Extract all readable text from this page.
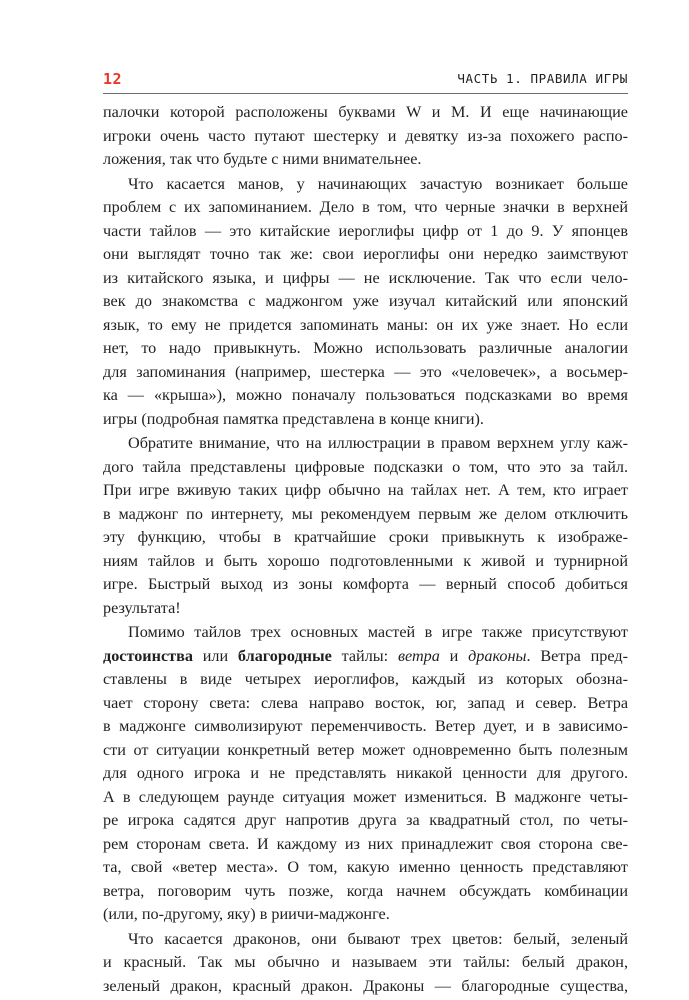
12	ЧАСТЬ 1. ПРАВИЛА ИГРЫ
палочки которой расположены буквами W и M. И еще начинающие
игроки очень часто путают шестерку и девятку из-за похожего распо-
ложения, так что будьте с ними внимательнее.
Что касается манов, у начинающих зачастую возникает больше
проблем с их запоминанием. Дело в том, что черные значки в верхней
части тайлов — это китайские иероглифы цифр от 1 до 9. У японцев
они выглядят точно так же: свои иероглифы они нередко заимствуют
из китайского языка, и цифры — не исключение. Так что если чело-
век до знакомства с маджонгом уже изучал китайский или японский
язык, то ему не придется запоминать маны: он их уже знает. Но если
нет, то надо привыкнуть. Можно использовать различные аналогии
для запоминания (например, шестерка — это «человечек», а восьмер-
ка — «крыша»), можно поначалу пользоваться подсказками во время
игры (подробная памятка представлена в конце книги).
Обратите внимание, что на иллюстрации в правом верхнем углу каж-
дого тайла представлены цифровые подсказки о том, что это за тайл.
При игре вживую таких цифр обычно на тайлах нет. А тем, кто играет
в маджонг по интернету, мы рекомендуем первым же делом отключить
эту функцию, чтобы в кратчайшие сроки привыкнуть к изображе-
ниям тайлов и быть хорошо подготовленными к живой и турнирной
игре. Быстрый выход из зоны комфорта — верный способ добиться
результата!
Помимо тайлов трех основных мастей в игре также присутствуют
достоинства или благородные тайлы: ветра и драконы. Ветра пред-
ставлены в виде четырех иероглифов, каждый из которых обозна-
чает сторону света: слева направо восток, юг, запад и север. Ветра
в маджонге символизируют переменчивость. Ветер дует, и в зависимо-
сти от ситуации конкретный ветер может одновременно быть полезным
для одного игрока и не представлять никакой ценности для другого.
А в следующем раунде ситуация может измениться. В маджонге четы-
ре игрока садятся друг напротив друга за квадратный стол, по четы-
рем сторонам света. И каждому из них принадлежит своя сторона све-
та, свой «ветер места». О том, какую именно ценность представляют
ветра, поговорим чуть позже, когда начнем обсуждать комбинации
(или, по-другому, яку) в риичи-маджонге.
Что касается драконов, они бывают трех цветов: белый, зеленый
и красный. Так мы обычно и называем эти тайлы: белый дракон,
зеленый дракон, красный дракон. Драконы — благородные существа,
